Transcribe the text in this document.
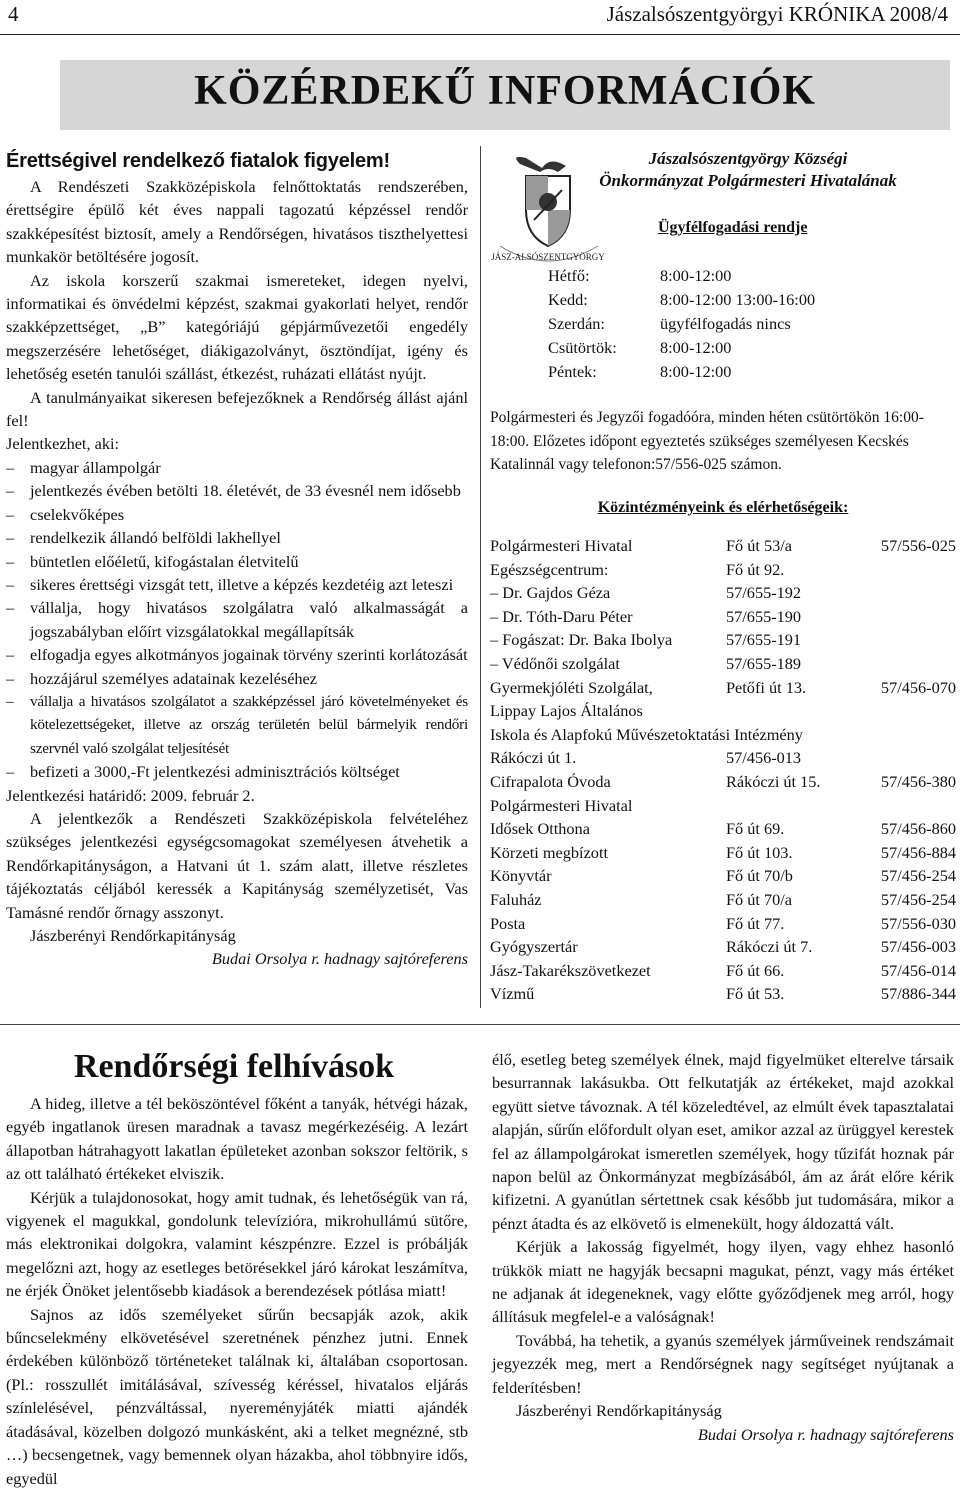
4	Jászalsószentgyörgyi KRÓNIKA 2008/4
KÖZÉRDEKŰ INFORMÁCIÓK

Érettségivel rendelkező fiatalok figyelem!

A Rendészeti Szakközépiskola felnőttoktatás rendszerében, érettségire épülő két éves nappali tagozatú képzéssel rendőr szakképesítést biztosít, amely a Rendőrségen, hivatásos tiszthelyettesi munkakör betöltésére jogosít.

Az iskola korszerű szakmai ismereteket, idegen nyelvi, informatikai és önvédelmi képzést, szakmai gyakorlati helyet, rendőr szakképzettséget, „B” kategóriájú gépjárművezetői engedély megszerzésére lehetőséget, diákigazolványt, ösztöndíjat, igény és lehetőség esetén tanulói szállást, étkezést, ruházati ellátást nyújt.

A tanulmányaikat sikeresen befejezőknek a Rendőrség állást ajánl fel!

Jelentkezhet, aki:

– magyar állampolgár
– jelentkezés évében betölti 18. életévét, de 33 évesnél nem idősebb
– cselekvőképes
– rendelkezik állandó belföldi lakhellyel
– büntetlen előéletű, kifogástalan életvitelű
– sikeres érettségi vizsgát tett, illetve a képzés kezdetéig azt leteszi
– vállalja, hogy hivatásos szolgálatra való alkalmasságát a jogszabályban előírt vizsgálatokkal megállapítsák
– elfogadja egyes alkotmányos jogainak törvény szerinti korlátozását
– hozzájárul személyes adatainak kezeléséhez
– vállalja a hivatásos szolgálatot a szakképzéssel járó követelményeket és kötelezettségeket, illetve az ország területén belül bármelyik rendőri szervnél való szolgálat teljesítését
– befizeti a 3000,-Ft jelentkezési adminisztrációs költséget

Jelentkezési határidő: 2009. február 2.

A jelentkezők a Rendészeti Szakközépiskola felvételéhez szükséges jelentkezési egységcsomagokat személyesen átvehetik a Rendőrkapitányságon, a Hatvani út 1. szám alatt, illetve részletes tájékoztatás céljából keressék a Kapitányság személyzetisét, Vas Tamásné rendőr őrnagy asszonyt.

Jászberényi Rendőrkapitányság

Budai Orsolya r. hadnagy sajtóreferens

JÁSZ-ALSÓSZENTGYÖRGY
Jászalsószentgyörgy Községi
Önkormányzat Polgármesteri Hivatalának
Ügyfélfogadási rendje
Hétfő:	8:00-12:00
Kedd:	8:00-12:00 13:00-16:00
Szerdán:	ügyfélfogadás nincs
Csütörtök:	8:00-12:00
Péntek:	8:00-12:00
Polgármesteri és Jegyzői fogadóóra, minden héten csütörtökön 16:00-18:00. Előzetes időpont egyeztetés szükséges személyesen Kecskés Katalinnál vagy telefonon:57/556-025 számon.
Közintézményeink és elérhetőségeik:
Polgármesteri Hivatal	Fő út 53/a	57/556-025
Egészségcentrum:	Fő út 92.
– Dr. Gajdos Géza	57/655-192
– Dr. Tóth-Daru Péter	57/655-190
– Fogászat: Dr. Baka Ibolya	57/655-191
– Védőnői szolgálat	57/655-189
Gyermekjóléti Szolgálat,	Petőfi út 13.	57/456-070
Lippay Lajos Általános
Iskola és Alapfokú Művészetoktatási Intézmény
Rákóczi út 1.	57/456-013
Cifrapalota Óvoda	Rákóczi út 15.	57/456-380
Polgármesteri Hivatal
Idősek Otthona	Fő út 69.	57/456-860
Körzeti megbízott	Fő út 103.	57/456-884
Könyvtár	Fő út 70/b	57/456-254
Faluház	Fő út 70/a	57/456-254
Posta	Fő út 77.	57/556-030
Gyógyszertár	Rákóczi út 7.	57/456-003
Jász-Takarékszövetkezet	Fő út 66.	57/456-014
Vízmű	Fő út 53.	57/886-344
Rendőrségi felhívások

A hideg, illetve a tél beköszöntével főként a tanyák, hétvégi házak, egyéb ingatlanok üresen maradnak a tavasz megérkezéséig. A lezárt állapotban hátrahagyott lakatlan épületeket azonban sokszor feltörik, s az ott található értékeket elviszik.

Kérjük a tulajdonosokat, hogy amit tudnak, és lehetőségük van rá, vigyenek el magukkal, gondolunk televízióra, mikrohullámú sütőre, más elektronikai dolgokra, valamint készpénzre. Ezzel is próbálják megelőzni azt, hogy az esetleges betörésekkel járó károkat leszámítva, ne érjék Önöket jelentősebb kiadások a berendezések pótlása miatt!

Sajnos az idős személyeket sűrűn becsapják azok, akik bűncselekmény elkövetésével szeretnének pénzhez jutni. Ennek érdekében különböző történeteket találnak ki, általában csoportosan. (Pl.: rosszullét imitálásával, szívesség kéréssel, hivatalos eljárás színlelésével, pénzváltással, nyereményjáték miatti ajándék átadásával, közelben dolgozó munkásként, aki a telket megnézné, stb …) becsengetnek, vagy bemennek olyan házakba, ahol többnyire idős, egyedül

élő, esetleg beteg személyek élnek, majd figyelmüket elterelve társaik besurrannak lakásukba. Ott felkutatják az értékeket, majd azokkal együtt sietve távoznak. A tél közeledtével, az elmúlt évek tapasztalatai alapján, sűrűn előfordult olyan eset, amikor azzal az ürüggyel kerestek fel az állampolgárokat ismeretlen személyek, hogy tűzifát hoznak pár napon belül az Önkormányzat megbízásából, ám az árát előre kérik kifizetni. A gyanútlan sértettnek csak később jut tudomására, mikor a pénzt átadta és az elkövető is elmenekült, hogy áldozattá vált.

Kérjük a lakosság figyelmét, hogy ilyen, vagy ehhez hasonló trükkök miatt ne hagyják becsapni magukat, pénzt, vagy más értéket ne adjanak át idegeneknek, vagy előtte győződjenek meg arról, hogy állításuk megfelel-e a valóságnak!

Továbbá, ha tehetik, a gyanús személyek járműveinek rendszámait jegyezzék meg, mert a Rendőrségnek nagy segítséget nyújtanak a felderítésben!

Jászberényi Rendőrkapitányság

Budai Orsolya r. hadnagy sajtóreferens
